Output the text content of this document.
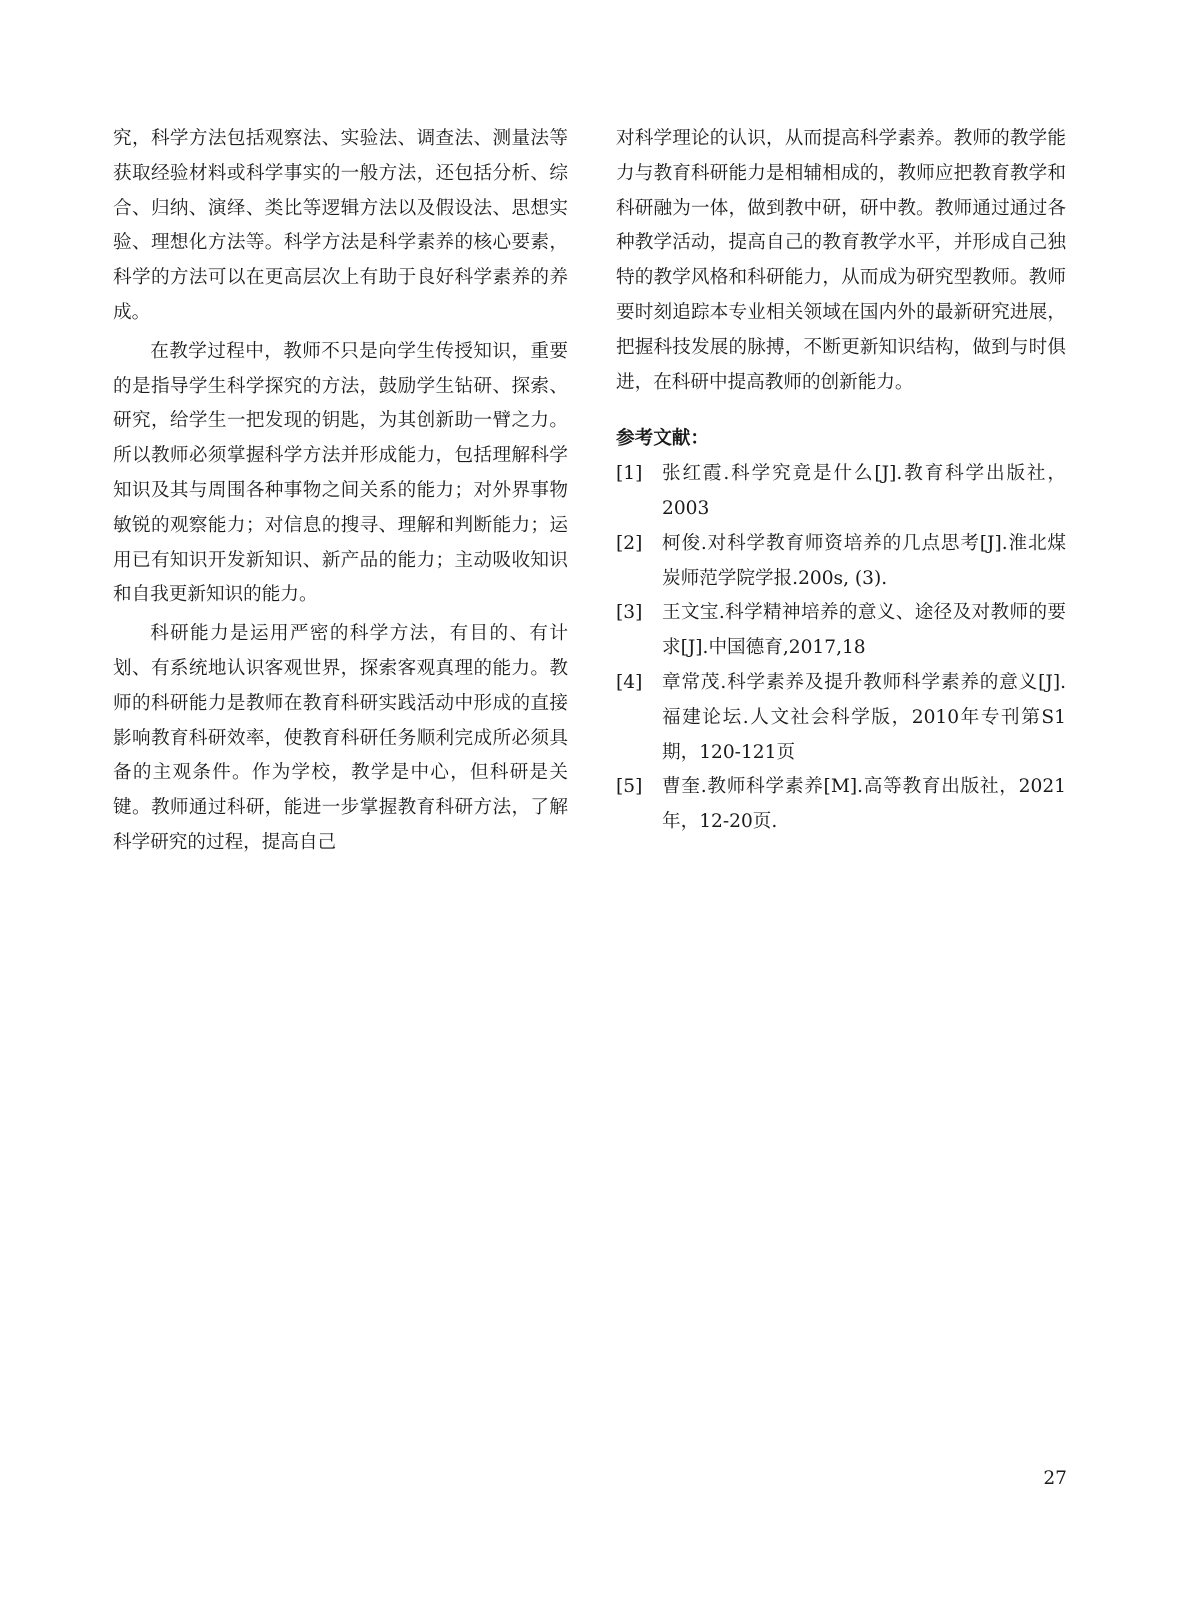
究，科学方法包括观察法、实验法、调查法、测量法等获取经验材料或科学事实的一般方法，还包括分析、综合、归纳、演绎、类比等逻辑方法以及假设法、思想实验、理想化方法等。科学方法是科学素养的核心要素，科学的方法可以在更高层次上有助于良好科学素养的养成。

在教学过程中，教师不只是向学生传授知识，重要的是指导学生科学探究的方法，鼓励学生钻研、探索、研究，给学生一把发现的钥匙，为其创新助一臂之力。所以教师必须掌握科学方法并形成能力，包括理解科学知识及其与周围各种事物之间关系的能力；对外界事物敏锐的观察能力；对信息的搜寻、理解和判断能力；运用已有知识开发新知识、新产品的能力；主动吸收知识和自我更新知识的能力。

科研能力是运用严密的科学方法，有目的、有计划、有系统地认识客观世界，探索客观真理的能力。教师的科研能力是教师在教育科研实践活动中形成的直接影响教育科研效率，使教育科研任务顺利完成所必须具备的主观条件。作为学校，教学是中心，但科研是关键。教师通过科研，能进一步掌握教育科研方法，了解科学研究的过程，提高自己

对科学理论的认识，从而提高科学素养。教师的教学能力与教育科研能力是相辅相成的，教师应把教育教学和科研融为一体，做到教中研，研中教。教师通过通过各种教学活动，提高自己的教育教学水平，并形成自己独特的教学风格和科研能力，从而成为研究型教师。教师要时刻追踪本专业相关领域在国内外的最新研究进展，把握科技发展的脉搏，不断更新知识结构，做到与时俱进，在科研中提高教师的创新能力。

参考文献：
[1]	张红霞.科学究竟是什么[J].教育科学出版社，2003
[2]	柯俊.对科学教育师资培养的几点思考[J].淮北煤炭师范学院学报.200s, (3).
[3]	王文宝.科学精神培养的意义、途径及对教师的要求[J].中国德育,2017,18
[4]	章常茂.科学素养及提升教师科学素养的意义[J].福建论坛.人文社会科学版，2010年专刊第S1期，120-121页
[5]	曹奎.教师科学素养[M].高等教育出版社，2021年，12-20页.
27
